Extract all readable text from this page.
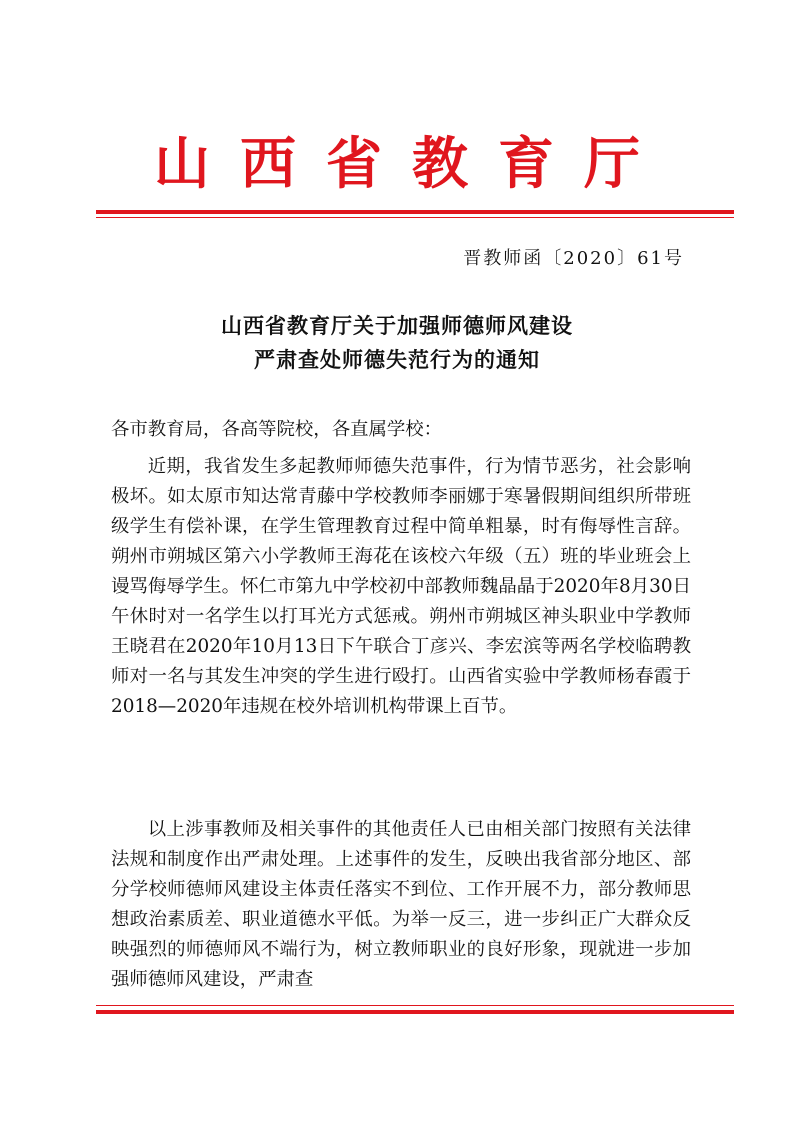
山西省教育厅
晋教师函〔2020〕61号
山西省教育厅关于加强师德师风建设
严肃查处师德失范行为的通知
各市教育局，各高等院校，各直属学校：
近期，我省发生多起教师师德失范事件，行为情节恶劣，社会影响极坏。如太原市知达常青藤中学校教师李丽娜于寒暑假期间组织所带班级学生有偿补课，在学生管理教育过程中简单粗暴，时有侮辱性言辞。朔州市朔城区第六小学教师王海花在该校六年级（五）班的毕业班会上谩骂侮辱学生。怀仁市第九中学校初中部教师魏晶晶于2020年8月30日午休时对一名学生以打耳光方式惩戒。朔州市朔城区神头职业中学教师王晓君在2020年10月13日下午联合丁彦兴、李宏滨等两名学校临聘教师对一名与其发生冲突的学生进行殴打。山西省实验中学教师杨春霞于2018—2020年违规在校外培训机构带课上百节。
以上涉事教师及相关事件的其他责任人已由相关部门按照有关法律法规和制度作出严肃处理。上述事件的发生，反映出我省部分地区、部分学校师德师风建设主体责任落实不到位、工作开展不力，部分教师思想政治素质差、职业道德水平低。为举一反三，进一步纠正广大群众反映强烈的师德师风不端行为，树立教师职业的良好形象，现就进一步加强师德师风建设，严肃查
